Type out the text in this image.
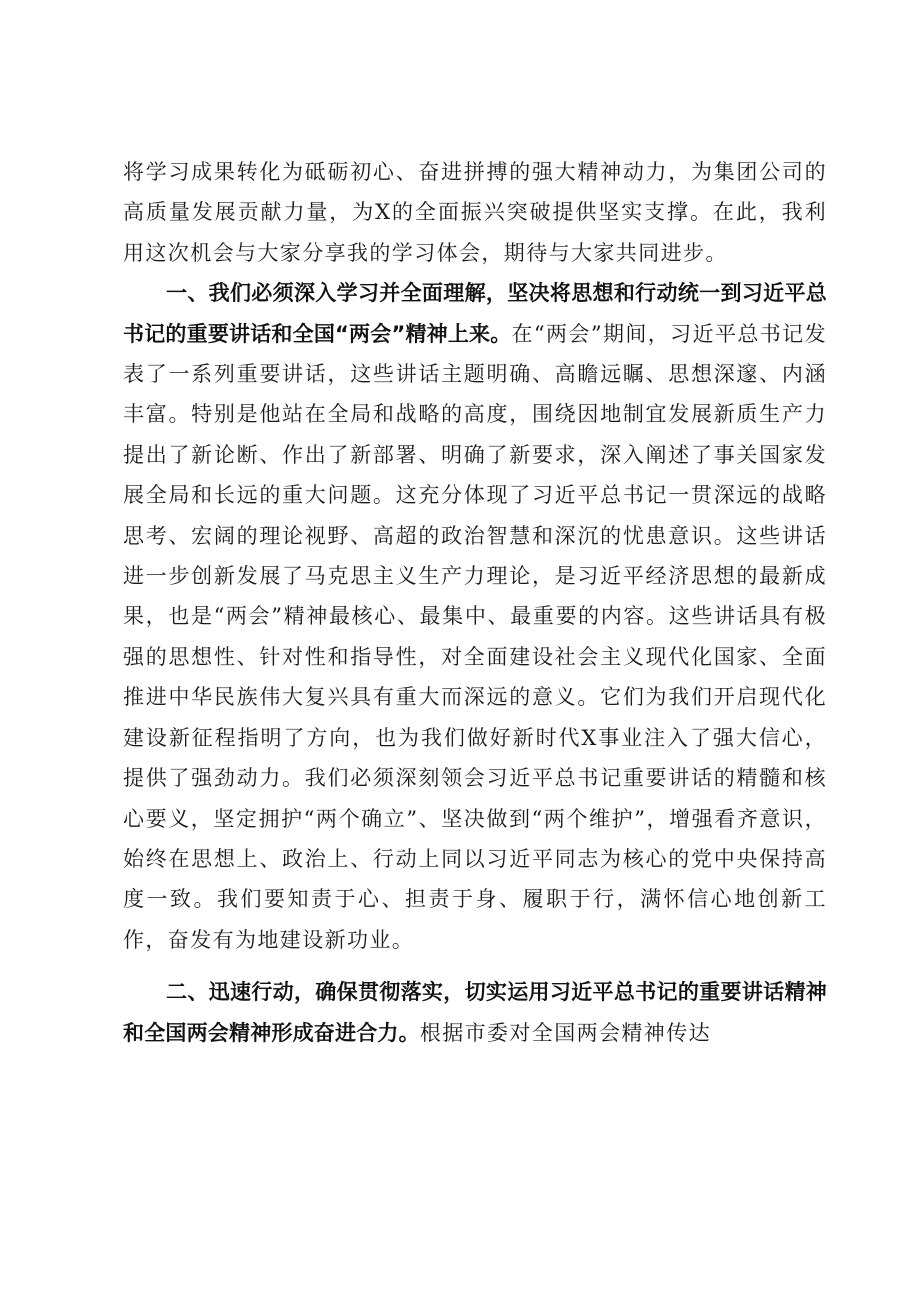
将学习成果转化为砥砺初心、奋进拼搏的强大精神动力，为集团公司的高质量发展贡献力量，为X的全面振兴突破提供坚实支撑。在此，我利用这次机会与大家分享我的学习体会，期待与大家共同进步。

一、我们必须深入学习并全面理解，坚决将思想和行动统一到习近平总书记的重要讲话和全国“两会”精神上来。在“两会”期间，习近平总书记发表了一系列重要讲话，这些讲话主题明确、高瞻远瞩、思想深邃、内涵丰富。特别是他站在全局和战略的高度，围绕因地制宜发展新质生产力提出了新论断、作出了新部署、明确了新要求，深入阐述了事关国家发展全局和长远的重大问题。这充分体现了习近平总书记一贯深远的战略思考、宏阔的理论视野、高超的政治智慧和深沉的忧患意识。这些讲话进一步创新发展了马克思主义生产力理论，是习近平经济思想的最新成果，也是“两会”精神最核心、最集中、最重要的内容。这些讲话具有极强的思想性、针对性和指导性，对全面建设社会主义现代化国家、全面推进中华民族伟大复兴具有重大而深远的意义。它们为我们开启现代化建设新征程指明了方向，也为我们做好新时代X事业注入了强大信心，提供了强劲动力。我们必须深刻领会习近平总书记重要讲话的精髓和核心要义，坚定拥护“两个确立”、坚决做到“两个维护”，增强看齐意识，始终在思想上、政治上、行动上同以习近平同志为核心的党中央保持高度一致。我们要知责于心、担责于身、履职于行，满怀信心地创新工作，奋发有为地建设新功业。

二、迅速行动，确保贯彻落实，切实运用习近平总书记的重要讲话精神和全国两会精神形成奋进合力。根据市委对全国两会精神传达
